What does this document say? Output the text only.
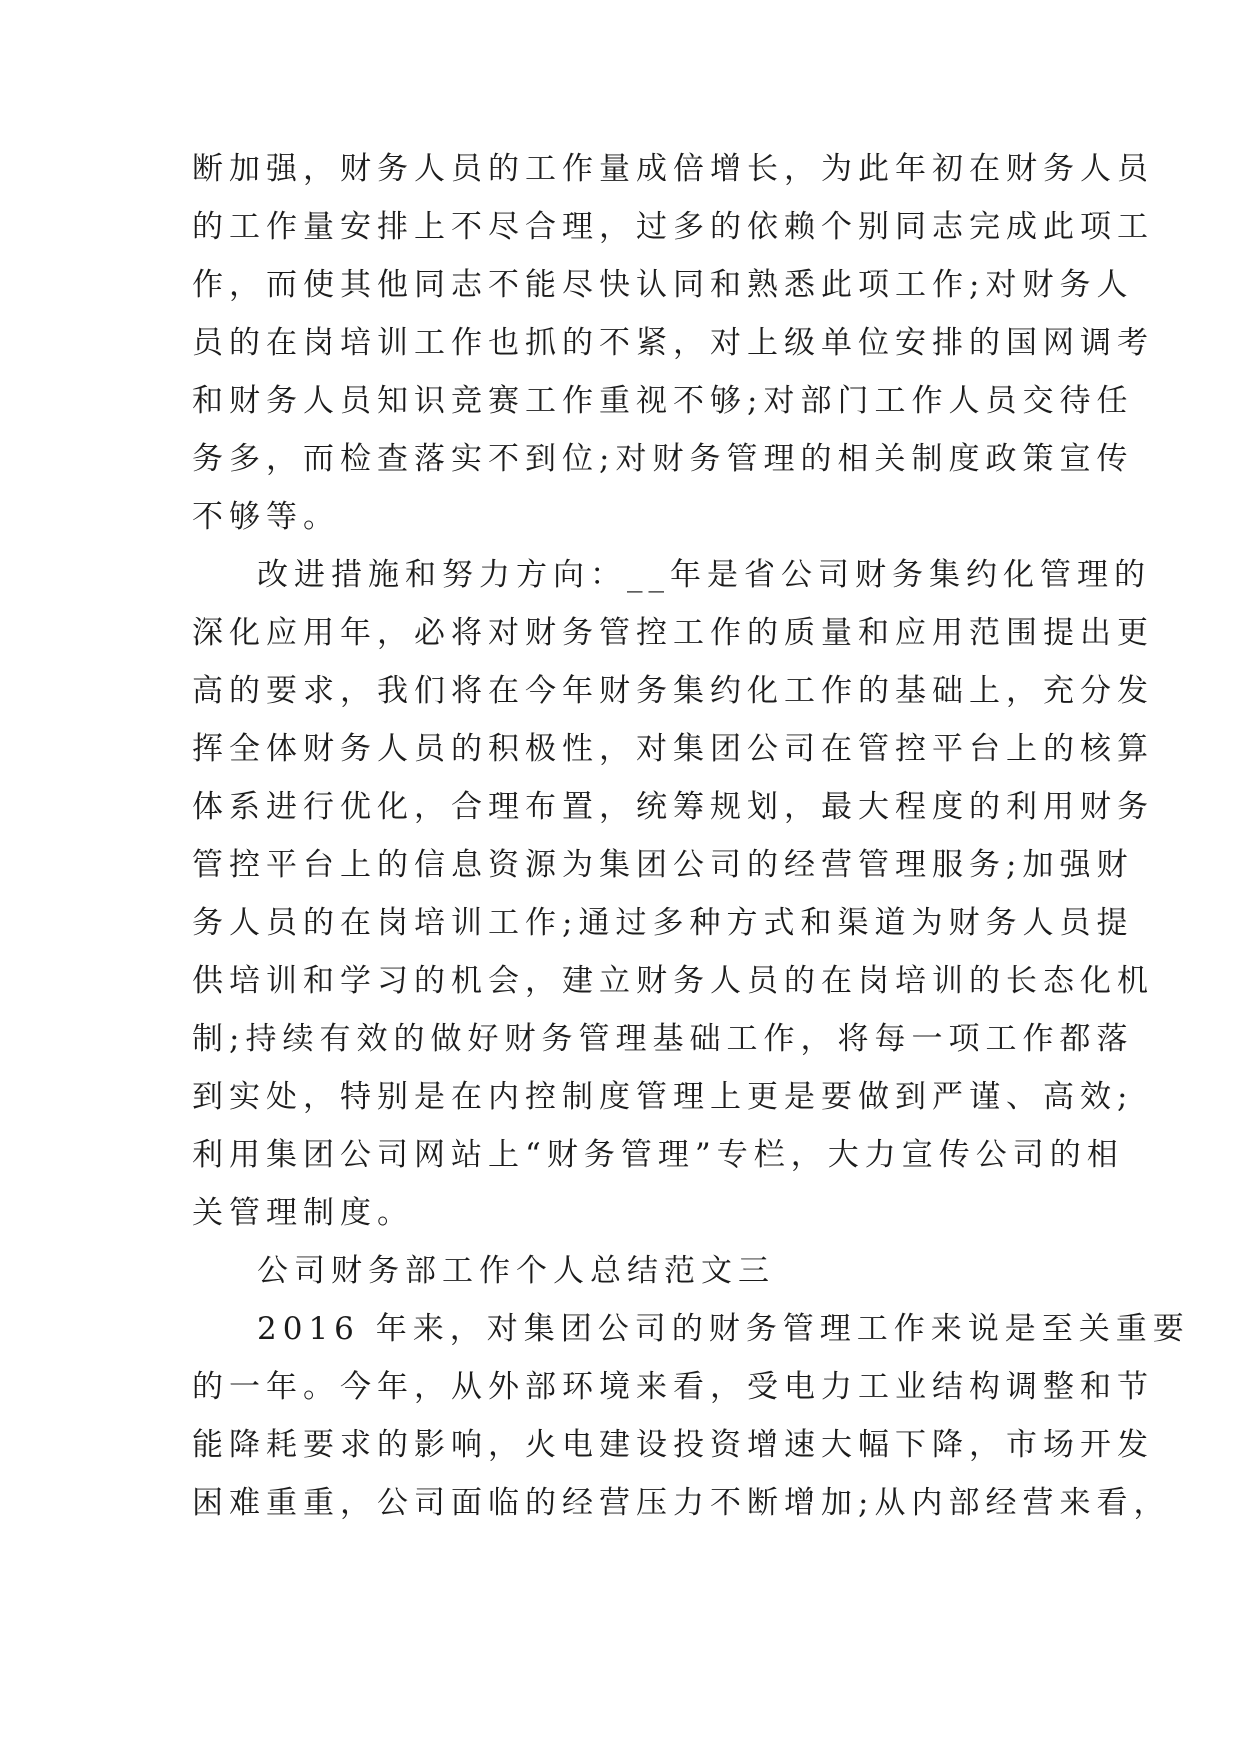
断加强，财务人员的工作量成倍增长，为此年初在财务人员

的工作量安排上不尽合理，过多的依赖个别同志完成此项工

作，而使其他同志不能尽快认同和熟悉此项工作;对财务人

员的在岗培训工作也抓的不紧，对上级单位安排的国网调考

和财务人员知识竞赛工作重视不够;对部门工作人员交待任

务多，而检查落实不到位;对财务管理的相关制度政策宣传

不够等。

改进措施和努力方向：__年是省公司财务集约化管理的

深化应用年，必将对财务管控工作的质量和应用范围提出更

高的要求，我们将在今年财务集约化工作的基础上，充分发

挥全体财务人员的积极性，对集团公司在管控平台上的核算

体系进行优化，合理布置，统筹规划，最大程度的利用财务

管控平台上的信息资源为集团公司的经营管理服务;加强财

务人员的在岗培训工作;通过多种方式和渠道为财务人员提

供培训和学习的机会，建立财务人员的在岗培训的长态化机

制;持续有效的做好财务管理基础工作，将每一项工作都落

到实处，特别是在内控制度管理上更是要做到严谨、高效;

利用集团公司网站上“财务管理”专栏，大力宣传公司的相

关管理制度。

公司财务部工作个人总结范文三

2016 年来，对集团公司的财务管理工作来说是至关重要

的一年。今年，从外部环境来看，受电力工业结构调整和节

能降耗要求的影响，火电建设投资增速大幅下降，市场开发

困难重重，公司面临的经营压力不断增加;从内部经营来看，
